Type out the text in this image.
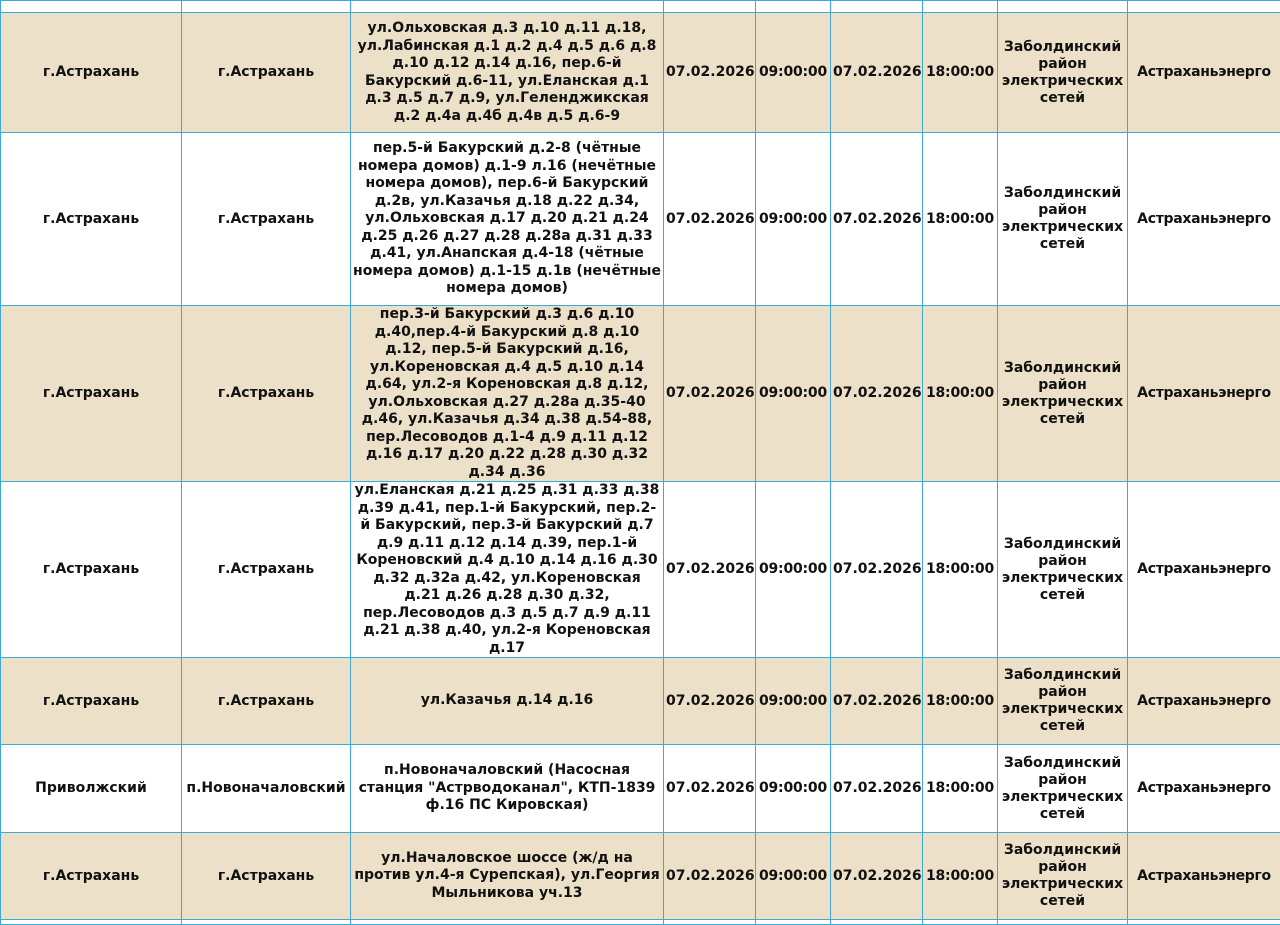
г.Астрахань	г.Астрахань	ул.Ольховская д.3 д.10 д.11 д.18, ул.Лабинская д.1 д.2 д.4 д.5 д.6 д.8 д.10 д.12 д.14 д.16, пер.6-й Бакурский д.6-11, ул.Еланская д.1 д.3 д.5 д.7 д.9, ул.Геленджикская д.2 д.4а д.4б д.4в д.5 д.6-9	07.02.2026	09:00:00	07.02.2026	18:00:00	Заболдинский район электрических сетей	Астраханьэнерго
г.Астрахань	г.Астрахань	пер.5-й Бакурский д.2-8 (чётные номера домов) д.1-9 л.16 (нечётные номера домов), пер.6-й Бакурский д.2в, ул.Казачья д.18 д.22 д.34, ул.Ольховская д.17 д.20 д.21 д.24 д.25 д.26 д.27 д.28 д.28а д.31 д.33 д.41, ул.Анапская д.4-18 (чётные номера домов) д.1-15 д.1в (нечётные номера домов)	07.02.2026	09:00:00	07.02.2026	18:00:00	Заболдинский район электрических сетей	Астраханьэнерго
г.Астрахань	г.Астрахань	пер.3-й Бакурский д.3 д.6 д.10 д.40,пер.4-й Бакурский д.8 д.10 д.12, пер.5-й Бакурский д.16, ул.Кореновская д.4 д.5 д.10 д.14 д.64, ул.2-я Кореновская д.8 д.12, ул.Ольховская д.27 д.28а д.35-40 д.46, ул.Казачья д.34 д.38 д.54-88, пер.Лесоводов д.1-4 д.9 д.11 д.12 д.16 д.17 д.20 д.22 д.28 д.30 д.32 д.34 д.36	07.02.2026	09:00:00	07.02.2026	18:00:00	Заболдинский район электрических сетей	Астраханьэнерго
г.Астрахань	г.Астрахань	ул.Еланская д.21 д.25 д.31 д.33 д.38 д.39 д.41, пер.1-й Бакурский, пер.2-й Бакурский, пер.3-й Бакурский д.7 д.9 д.11 д.12 д.14 д.39, пер.1-й Кореновский д.4 д.10 д.14 д.16 д.30 д.32 д.32а д.42, ул.Кореновская д.21 д.26 д.28 д.30 д.32, пер.Лесоводов д.3 д.5 д.7 д.9 д.11 д.21 д.38 д.40, ул.2-я Кореновская д.17	07.02.2026	09:00:00	07.02.2026	18:00:00	Заболдинский район электрических сетей	Астраханьэнерго
г.Астрахань	г.Астрахань	ул.Казачья д.14 д.16	07.02.2026	09:00:00	07.02.2026	18:00:00	Заболдинский район электрических сетей	Астраханьэнерго
Приволжский	п.Новоначаловский	п.Новоначаловский (Насосная станция "Астрводоканал", КТП-1839 ф.16 ПС Кировская)	07.02.2026	09:00:00	07.02.2026	18:00:00	Заболдинский район электрических сетей	Астраханьэнерго
г.Астрахань	г.Астрахань	ул.Началовское шоссе (ж/д на против ул.4-я Сурепская), ул.Георгия Мыльникова уч.13	07.02.2026	09:00:00	07.02.2026	18:00:00	Заболдинский район электрических сетей	Астраханьэнерго
